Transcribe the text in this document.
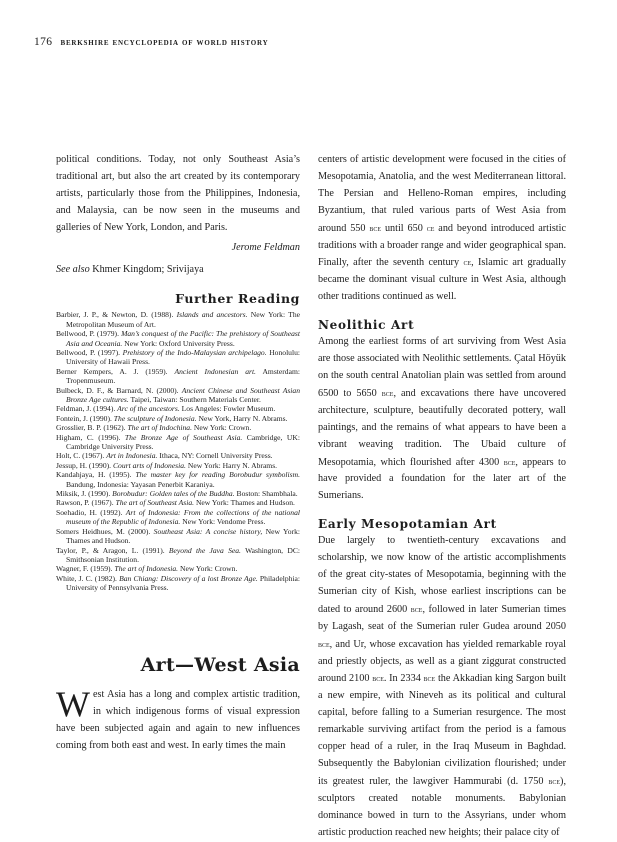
176 berkshire encyclopedia of world history

political conditions. Today, not only Southeast Asia’s traditional art, but also the art created by its contemporary artists, particularly those from the Philippines, Indonesia, and Malaysia, can be now seen in the museums and galleries of New York, London, and Paris.

Jerome Feldman

See also Khmer Kingdom; Srivijaya

Further Reading
Barbier, J. P., & Newton, D. (1988). Islands and ancestors. New York: The Metropolitan Museum of Art.
Bellwood, P. (1979). Man’s conquest of the Pacific: The prehistory of Southeast Asia and Oceania. New York: Oxford University Press.
Bellwood, P. (1997). Prehistory of the Indo-Malaysian archipelago. Honolulu: University of Hawaii Press.
Berner Kempers, A. J. (1959). Ancient Indonesian art. Amsterdam: Tropenmuseum.
Bulbeck, D. F., & Barnard, N. (2000). Ancient Chinese and Southeast Asian Bronze Age cultures. Taipei, Taiwan: Southern Materials Center.
Feldman, J. (1994). Arc of the ancestors. Los Angeles: Fowler Museum.
Fontein, J. (1990). The sculpture of Indonesia. New York, Harry N. Abrams.
Grosslier, B. P. (1962). The art of Indochina. New York: Crown.
Higham, C. (1996). The Bronze Age of Southeast Asia. Cambridge, UK: Cambridge University Press.
Holt, C. (1967). Art in Indonesia. Ithaca, NY: Cornell University Press.
Jessup, H. (1990). Court arts of Indonesia. New York: Harry N. Abrams.
Kandahjaya, H. (1995). The master key for reading Borobudur symbolism. Bandung, Indonesia: Yayasan Penerbit Karaniya.
Miksik, J. (1990). Borobudur: Golden tales of the Buddha. Boston: Shambhala.
Rawson, P. (1967). The art of Southeast Asia. New York: Thames and Hudson.
Soehadio, H. (1992). Art of Indonesia: From the collections of the national museum of the Republic of Indonesia. New York: Vendome Press.
Somers Heidhues, M. (2000). Southeast Asia: A concise history, New York: Thames and Hudson.
Taylor, P., & Aragon, L. (1991). Beyond the Java Sea. Washington, DC: Smithsonian Institution.
Wagner, F. (1959). The art of Indonesia. New York: Crown.
White, J. C. (1982). Ban Chiang: Discovery of a lost Bronze Age. Philadelphia: University of Pennsylvania Press.
Art—West Asia

West Asia has a long and complex artistic tradition, in which indigenous forms of visual expression have been subjected again and again to new influences coming from both east and west. In early times the main

centers of artistic development were focused in the cities of Mesopotamia, Anatolia, and the west Mediterranean littoral. The Persian and Helleno-Roman empires, including Byzantium, that ruled various parts of West Asia from around 550 bce until 650 ce and beyond introduced artistic traditions with a broader range and wider geographical span. Finally, after the seventh century ce, Islamic art gradually became the dominant visual culture in West Asia, although other traditions continued as well.

Neolithic Art

Among the earliest forms of art surviving from West Asia are those associated with Neolithic settlements. Çatal Höyük on the south central Anatolian plain was settled from around 6500 to 5650 bce, and excavations there have uncovered architecture, sculpture, beautifully decorated pottery, wall paintings, and the remains of what appears to have been a vibrant weaving tradition. The Ubaid culture of Mesopotamia, which flourished after 4300 bce, appears to have provided a foundation for the later art of the Sumerians.

Early Mesopotamian Art

Due largely to twentieth-century excavations and scholarship, we now know of the artistic accomplishments of the great city-states of Mesopotamia, beginning with the Sumerian city of Kish, whose earliest inscriptions can be dated to around 2600 bce, followed in later Sumerian times by Lagash, seat of the Sumerian ruler Gudea around 2050 bce, and Ur, whose excavation has yielded remarkable royal and priestly objects, as well as a giant ziggurat constructed around 2100 bce. In 2334 bce the Akkadian king Sargon built a new empire, with Nineveh as its political and cultural capital, before falling to a Sumerian resurgence. The most remarkable surviving artifact from the period is a famous copper head of a ruler, in the Iraq Museum in Baghdad. Subsequently the Babylonian civilization flourished; under its greatest ruler, the lawgiver Hammurabi (d. 1750 bce), sculptors created notable monuments. Babylonian dominance bowed in turn to the Assyrians, under whom artistic production reached new heights; their palace city of
